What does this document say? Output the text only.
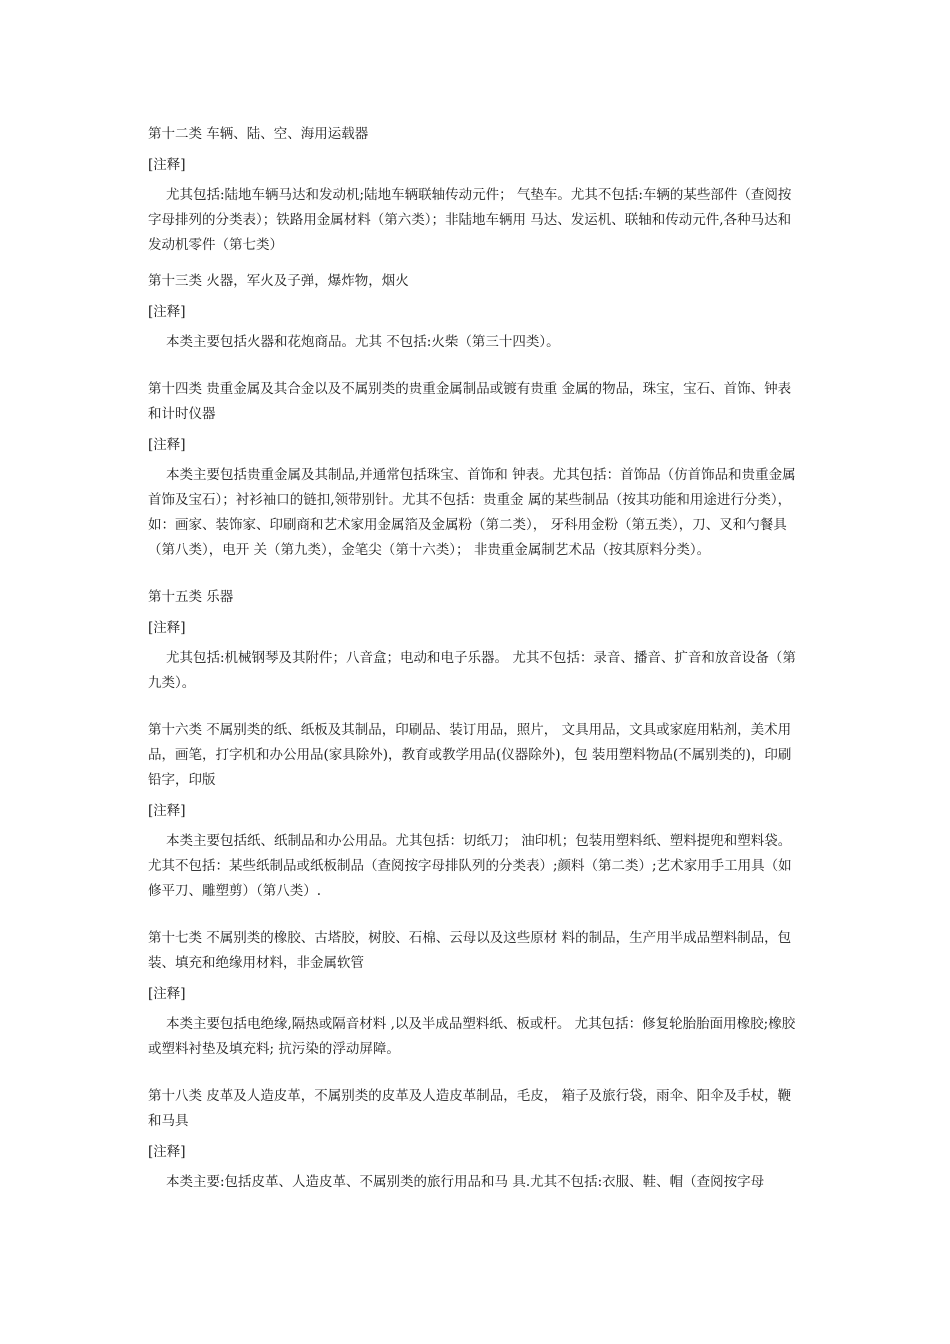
第十二类 车辆、陆、空、海用运载器

[注释]

尤其包括:陆地车辆马达和发动机;陆地车辆联轴传动元件； 气垫车。尤其不包括:车辆的某些部件（查阅按字母排列的分类表）；铁路用金属材料（第六类）；非陆地车辆用 马达、发运机、联轴和传动元件,各种马达和发动机零件（第七类）

第十三类 火器，军火及子弹，爆炸物，烟火

[注释]

本类主要包括火器和花炮商品。尤其 不包括:火柴（第三十四类）。

第十四类 贵重金属及其合金以及不属别类的贵重金属制品或镀有贵重 金属的物品，珠宝，宝石、首饰、钟表和计时仪器

[注释]

本类主要包括贵重金属及其制品,并通常包括珠宝、首饰和 钟表。尤其包括：首饰品（仿首饰品和贵重金属首饰及宝石）；衬衫袖口的链扣,领带别针。尤其不包括：贵重金 属的某些制品（按其功能和用途进行分类），如：画家、装饰家、印刷商和艺术家用金属箔及金属粉（第二类）， 牙科用金粉（第五类），刀、叉和勺餐具（第八类），电开 关（第九类），金笔尖（第十六类）； 非贵重金属制艺术品（按其原料分类）。

第十五类 乐器

[注释]

尤其包括:机械钢琴及其附件；八音盒；电动和电子乐器。 尤其不包括：录音、播音、扩音和放音设备（第九类）。

第十六类 不属别类的纸、纸板及其制品，印刷品、装订用品，照片， 文具用品，文具或家庭用粘剂，美术用品，画笔，打字机和办公用品(家具除外)，教育或教学用品(仪器除外)，包 装用塑料物品(不属别类的)，印刷铅字，印版

[注释]

本类主要包括纸、纸制品和办公用品。尤其包括：切纸刀； 油印机；包装用塑料纸、塑料提兜和塑料袋。尤其不包括：某些纸制品或纸板制品（查阅按字母排队列的分类表）;颜料（第二类）;艺术家用手工用具（如修平刀、雕塑剪）（第八类）.

第十七类 不属别类的橡胶、古塔胶，树胶、石棉、云母以及这些原材 料的制品，生产用半成品塑料制品，包装、填充和绝缘用材料，非金属软管

[注释]

本类主要包括电绝缘,隔热或隔音材料 ,以及半成品塑料纸、板或杆。 尤其包括：修复轮胎胎面用橡胶;橡胶或塑料衬垫及填充料; 抗污染的浮动屏障。

第十八类 皮革及人造皮革，不属别类的皮革及人造皮革制品，毛皮， 箱子及旅行袋，雨伞、阳伞及手杖，鞭和马具

[注释]

本类主要:包括皮革、人造皮革、不属别类的旅行用品和马 具.尤其不包括:衣服、鞋、帽（查阅按字母
